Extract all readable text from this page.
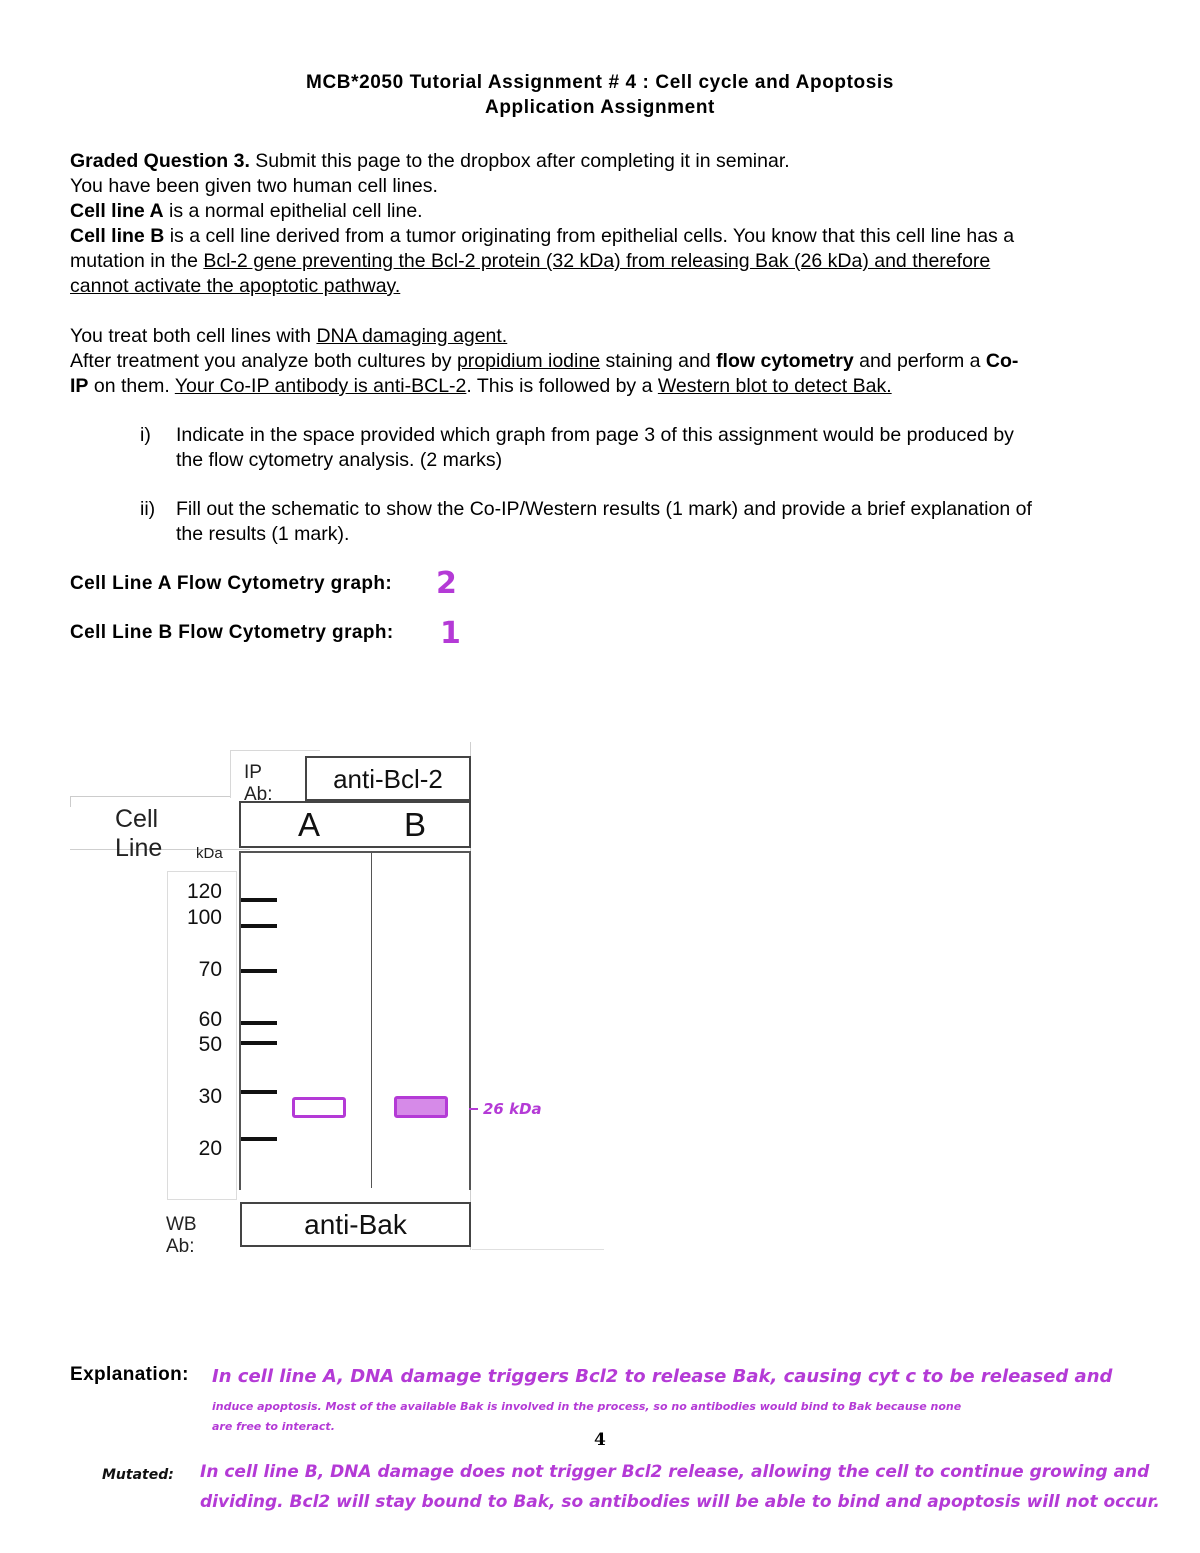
MCB*2050 Tutorial Assignment # 4 : Cell cycle and Apoptosis
Application Assignment
Graded Question 3. Submit this page to the dropbox after completing it in seminar.
You have been given two human cell lines.
Cell line A is a normal epithelial cell line.
Cell line B is a cell line derived from a tumor originating from epithelial cells. You know that this cell line has a
mutation in the Bcl-2 gene preventing the Bcl-2 protein (32 kDa) from releasing Bak (26 kDa) and therefore
cannot activate the apoptotic pathway.
You treat both cell lines with DNA damaging agent.
After treatment you analyze both cultures by propidium iodine staining and flow cytometry and perform a Co-
IP on them. Your Co-IP antibody is anti-BCL-2. This is followed by a Western blot to detect Bak.
i) Indicate in the space provided which graph from page 3 of this assignment would be produced by
the flow cytometry analysis. (2 marks)
ii) Fill out the schematic to show the Co-IP/Western results (1 mark) and provide a brief explanation of
the results (1 mark).
Cell Line A Flow Cytometry graph: 2
Cell Line B Flow Cytometry graph: 1
IP Ab:
anti-Bcl-2
Cell Line
A	B
kDa
120
100
70
60
50
30
20
26 kDa
WB Ab:
anti-Bak
Explanation: In cell line A, DNA damage triggers Bcl2 to release Bak, causing cyt c to be released and
induce apoptosis. Most of the available Bak is involved in the process, so no antibodies would bind to Bak because none
are free to interact.
4
Mutated: In cell line B, DNA damage does not trigger Bcl2 release, allowing the cell to continue growing and
dividing. Bcl2 will stay bound to Bak, so antibodies will be able to bind and apoptosis will not occur.
